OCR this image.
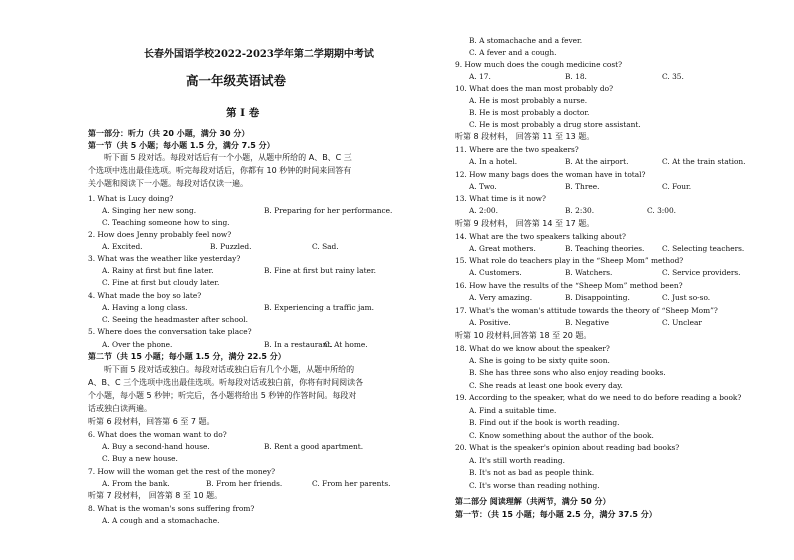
长春外国语学校2022-2023学年第二学期期中考试
高一年级英语试卷
第 I 卷
第一部分：听力（共 20 小题，满分 30 分）
第一节（共 5 小题；每小题 1.5 分，满分 7.5 分）
听下面 5 段对话。每段对话后有一个小题，从题中所给的 A、B、C 三
个选项中选出最佳选项。听完每段对话后，你都有 10 秒钟的时间来回答有
关小题和阅读下一小题。每段对话仅读一遍。
1. What is Lucy doing?
A. Singing her new song.	B. Preparing for her performance.
C. Teaching someone how to sing.
2. How does Jenny probably feel now?
A. Excited.	B. Puzzled.	C. Sad.
3. What was the weather like yesterday?
A. Rainy at first but fine later.	B. Fine at first but rainy later.
C. Fine at first but cloudy later.
4. What made the boy so late?
A. Having a long class.	B. Experiencing a traffic jam.
C. Seeing the headmaster after school.
5. Where does the conversation take place?
A. Over the phone.	B. In a restaurant.
C. At home.
第二节（共 15 小题；每小题 1.5 分，满分 22.5 分）
听下面 5 段对话或独白。每段对话或独白后有几个小题，从题中所给的
A、B、C 三个选项中选出最佳选项。听每段对话或独白前，你将有时间阅读各
个小题，每小题 5 秒钟；听完后，各小题将给出 5 秒钟的作答时间。每段对
话或独白读两遍。
听第 6 段材料，回答第 6 至 7 题。
6. What does the woman want to do?
A. Buy a second-hand house.	B. Rent a good apartment.
C. Buy a new house.
7. How will the woman get the rest of the money?
A. From the bank.	B. From her friends.	C. From her parents.
听第 7 段材料， 回答第 8 至 10 题。
8. What is the woman's sons suffering from?
A. A cough and a stomachache.
B. A stomachache and a fever.
C. A fever and a cough.
9. How much does the cough medicine cost?
A. 17.	B. 18.	C. 35.
10. What does the man most probably do?
A. He is most probably a nurse.
B. He is most probably a doctor.
C. He is most probably a drug store assistant.
听第 8 段材料， 回答第 11 至 13 题。
11. Where are the two speakers?
A. In a hotel.	B. At the airport.	C. At the train station.
12. How many bags does the woman have in total?
A. Two.	B. Three.	C. Four.
13. What time is it now?
A. 2:00.	B. 2:30.	C. 3:00.
听第 9 段材料， 回答第 14 至 17 题。
14. What are the two speakers talking about?
A. Great mothers.	B. Teaching theories. C. Selecting teachers.
15. What role do teachers play in the “Sheep Mom” method?
A. Customers.	B. Watchers.	C. Service providers.
16. How have the results of the “Sheep Mom” method been?
A. Very amazing.	B. Disappointing.	C. Just so-so.
17. What's the woman's attitude towards the theory of “Sheep Mom”?
A. Positive.	B. Negative	C. Unclear
听第 10 段材料,回答第 18 至 20 题。
18. What do we know about the speaker?
A. She is going to be sixty quite soon.
B. She has three sons who also enjoy reading books.
C. She reads at least one book every day.
19. According to the speaker, what do we need to do before reading a book?
A. Find a suitable time.
B. Find out if the book is worth reading.
C. Know something about the author of the book.
20. What is the speaker's opinion about reading bad books?
A. It's still worth reading.
B. It's not as bad as people think.
C. It's worse than reading nothing.
第二部分 阅读理解（共两节，满分 50 分）
第一节：（共 15 小题；每小题 2.5 分，满分 37.5 分）
